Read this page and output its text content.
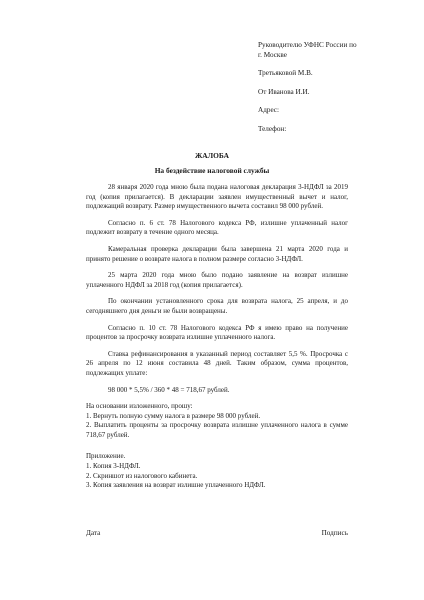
Руководителю УФНС России по
г. Москве
Третьяковой М.В.
От Иванова И.И.
Адрес:
Телефон:
ЖАЛОБА
На бездействие налоговой службы

28 января 2020 года мною была подана налоговая декларация 3-НДФЛ за 2019 год (копия прилагается). В декларации заявлен имущественный вычет и налог, подлежащий возврату. Размер имущественного вычета составил 98 000 рублей.

Согласно п. 6 ст. 78 Налогового кодекса РФ, излишне уплаченный налог подлежит возврату в течение одного месяца.

Камеральная проверка декларации была завершена 21 марта 2020 года и принято решение о возврате налога в полном размере согласно 3-НДФЛ.

25 марта 2020 года мною было подано заявление на возврат излишне уплаченного НДФЛ за 2018 год (копия прилагается).

По окончании установленного срока для возврата налога, 25 апреля, и до сегодняшнего дня деньги не были возвращены.

Согласно п. 10 ст. 78 Налогового кодекса РФ я имею право на получение процентов за просрочку возврата излишне уплаченного налога.

Ставка рефинансирования в указанный период составляет 5,5 %. Просрочка с 26 апреля по 12 июня составила 48 дней. Таким образом, сумма процентов, подлежащих уплате:

98 000 * 5,5% / 360 * 48 = 718,67 рублей.

На основании изложенного, прошу:

1. Вернуть полную сумму налога в размере 98 000 рублей.
2. Выплатить проценты за просрочку возврата излишне уплаченного налога в сумме 718,67 рублей.

Приложение.

1. Копия 3-НДФЛ.
2. Скриншот из налогового кабинета.
3. Копия заявления на возврат излишне уплаченного НДФЛ.
Дата	Подпись
